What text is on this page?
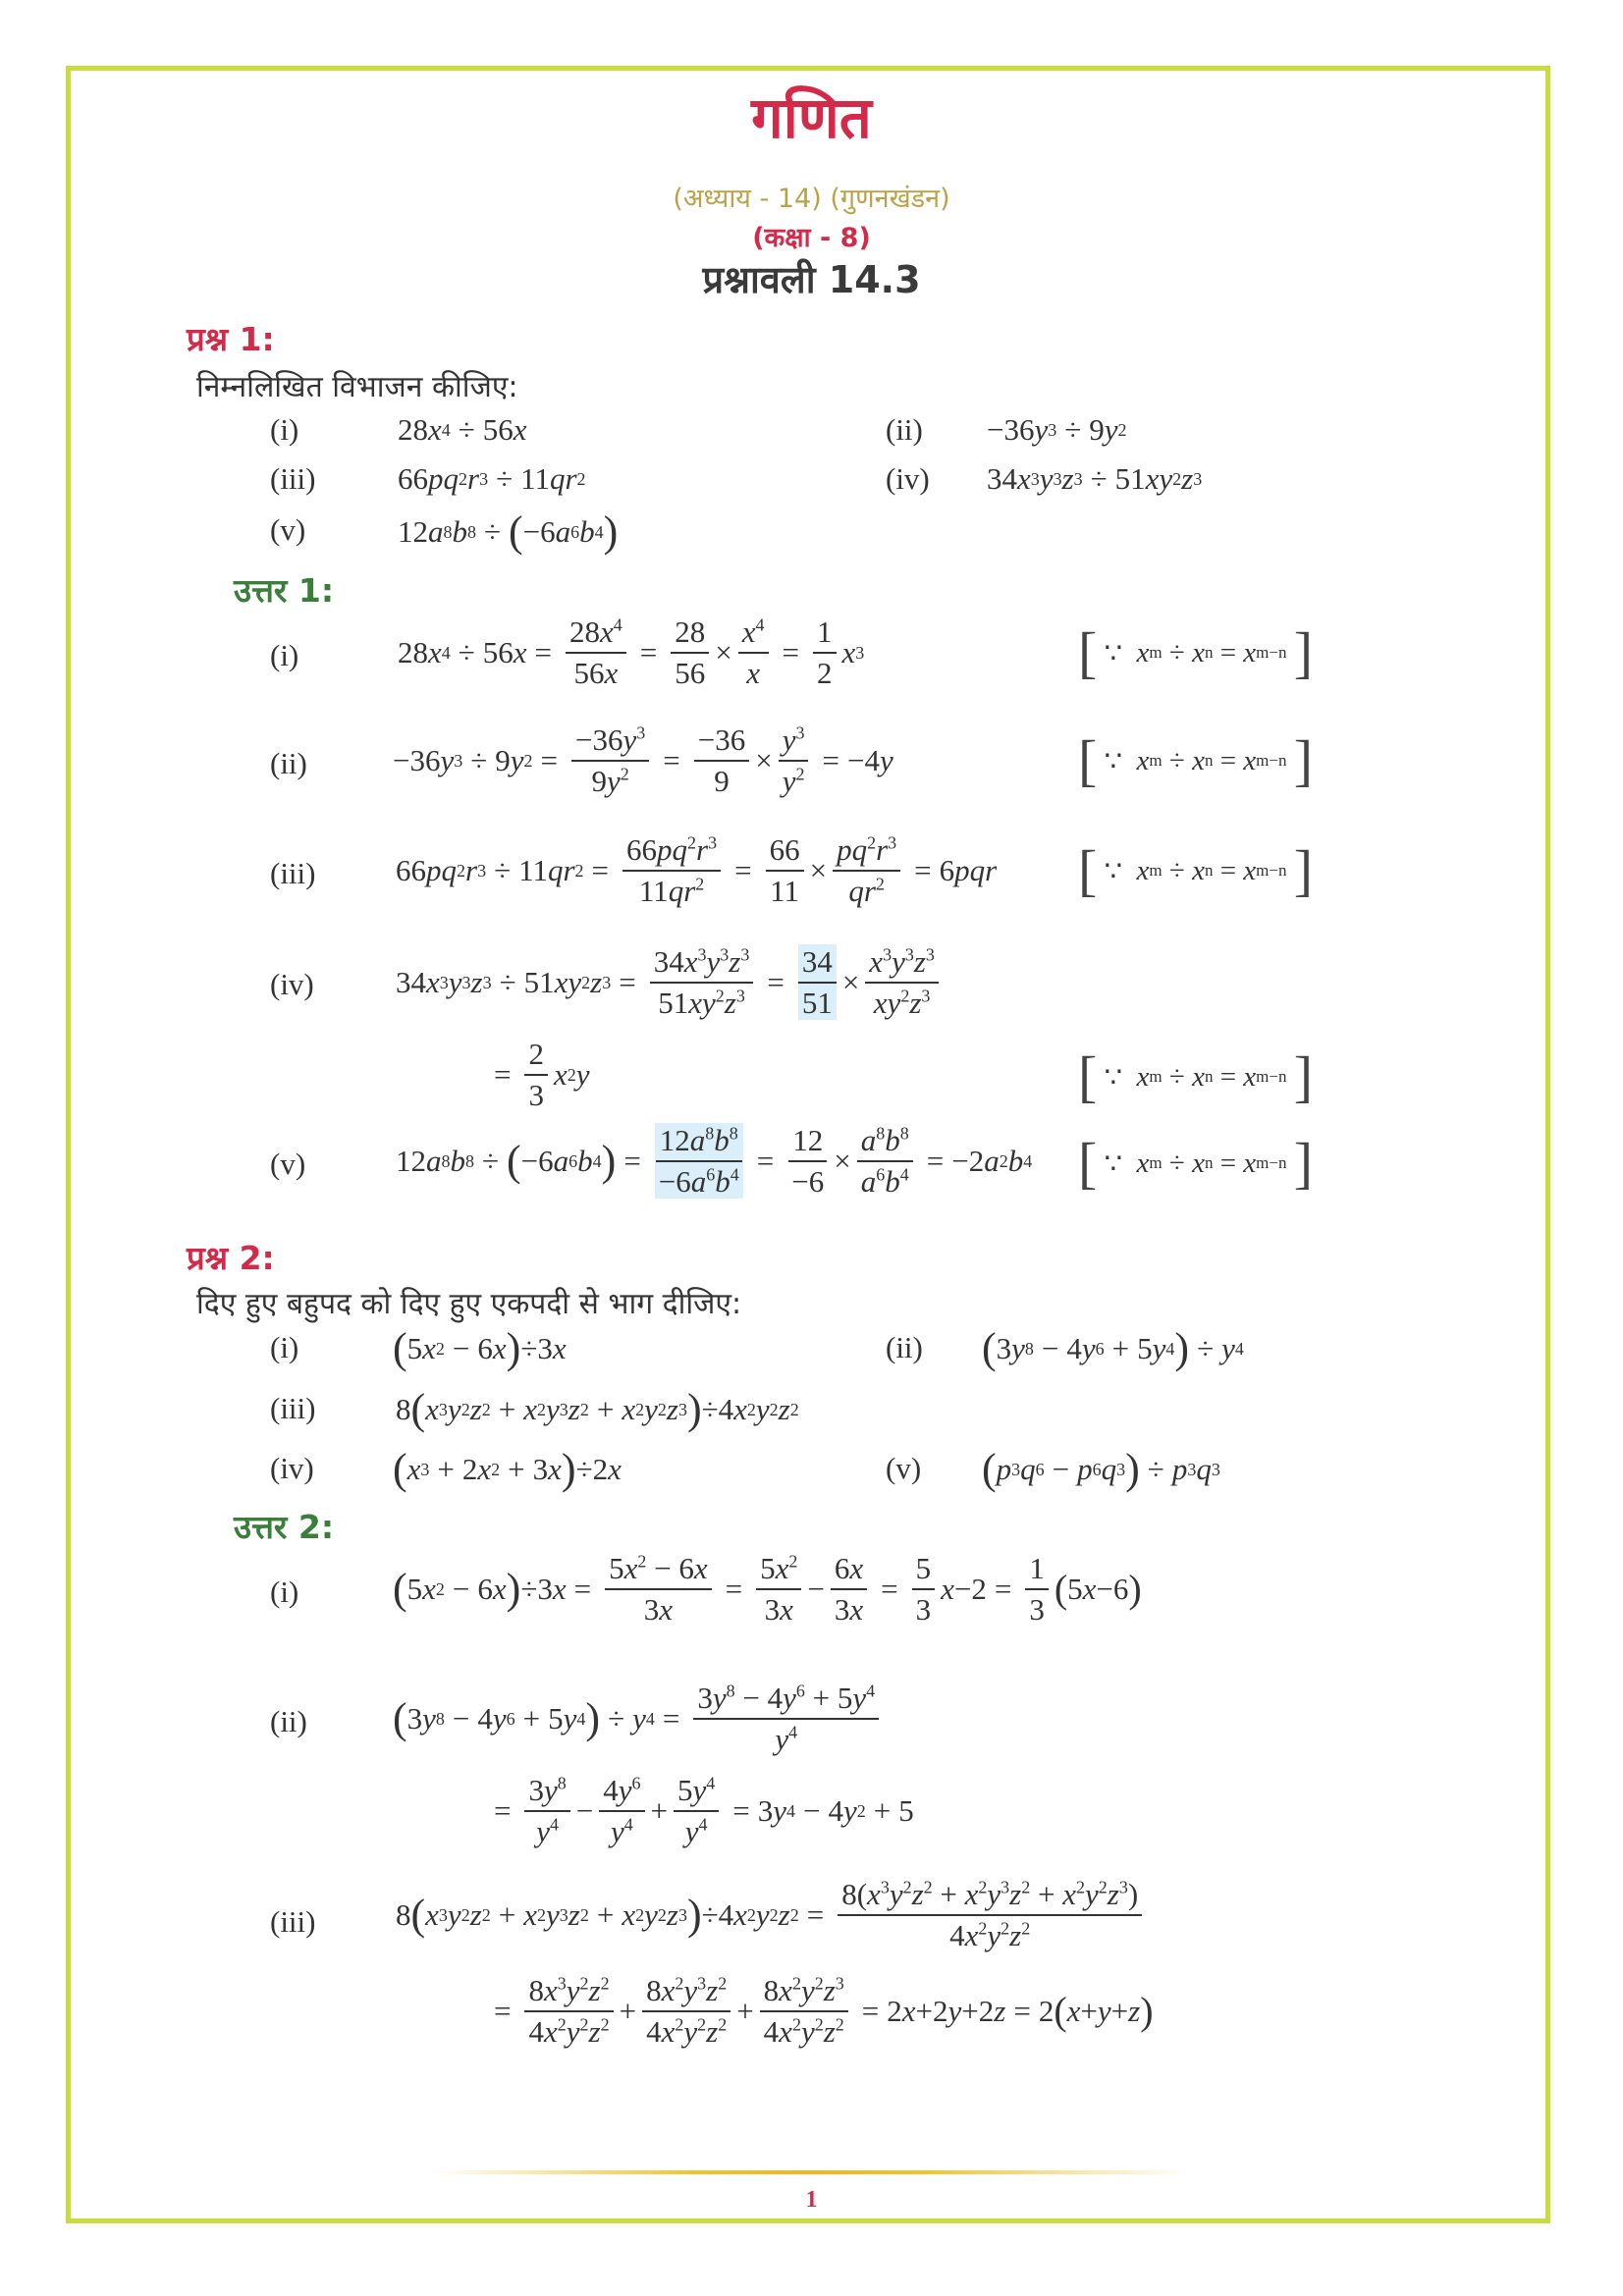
गणित
(अध्याय - 14) (गुणनखंडन)
(कक्षा - 8)
प्रश्नावली 14.3
प्रश्न 1:
निम्नलिखित विभाजन कीजिए:
(i)	28 x 4 ÷ 56 x	(ii) −36 y 3 ÷ 9 y 2
(iii)	66 pq 2 r 3 ÷ 11 qr 2	(iv) 34 x 3 y 3 z 3 ÷ 51 xy 2 z 3
(v)	12 a 8 b 8 ÷ ( −6 a 6 b 4 )
उत्तर 1:
(i)	28 x 4 ÷ 56 $x = \frac{28x^4}{56x} = \frac{28}{56} \times \frac{x^4}{x} = \frac{1}{2}$ x 3	[ ∵ x m ÷ x n = x m−n
]
(ii)	−36 y 3 ÷ 9 y $2 = \frac{-36y^3}{9y^2} = \frac{-36}{9} \times \frac{y^3}{y^2} = -4$ y	[ ∵ x m ÷ x n = x m−n
]
(iii)	66 pq 2 r 3 ÷ 11 qr $2 = \frac{66pq^2r^3}{11qr^2} = \frac{66}{11} \times \frac{pq^2r^3}{qr^2} = 6$ pqr [ ∵ x m ÷ x n = x m−n
]
(iv)	34 x 3 y 3 z 3 ÷ 51 xy 2 z $3 = \frac{34x^3y^3z^3}{51xy^2z^3} = \frac{34}{51} \times \frac{x^3y^3z^3}{xy^2z^3}$
= $\frac{2}{3}$ x 2 y	[ ∵ x m ÷ x n = x m−n
]
(v)	12 a 8 b 8 ÷ ( −6 a 6 b 4 ) = $\frac{12a^8b^8}{-6a^6b^4} = \frac{12}{-6} \times \frac{a^8b^8}{a^6b^4} = -2$ a 2 b 4 [ ∵ x m ÷ x n = x m−n
]
प्रश्न 2:
दिए हुए बहुपद को दिए हुए एकपदी से भाग दीजिए:
(i) ( 5 x 2 − 6 x ) ÷3 x	(ii) ( 3 y 8 − 4 y 6 + 5 y 4 ) ÷ y 4
(iii)	8 ( x 3 y 2 z 2 + x 2 y 3 z 2 + x 2 y 2 z 3 ) ÷4 x 2 y 2 z 2
(iv) ( x 3 + 2 x 2 + 3 x ) ÷2 x	(v) ( p 3 q 6 − p 6 q 3 ) ÷ p 3 q 3
उत्तर 2:
(i) ( 5 x 2 − 6 x ) ÷3 $x = \frac{5x^2 - 6x}{3x} = \frac{5x^2}{3x} - \frac{6x}{3x} = \frac{5}{3}$ $x -2 = \frac{1}{3}$ ( 5 x −6 )
(ii) ( 3 y 8 − 4 y 6 + 5 y 4 ) ÷ y $4 = \frac{3y^8 - 4y^6 + 5y^4}{y^4}$
= $\frac{3y^8}{y^4} - \frac{4y^6}{y^4} + \frac{5y^4}{y^4} = 3$ y 4 − 4 y 2 + 5
(iii)	8 ( x 3 y 2 z 2 + x 2 y 3 z 2 + x 2 y 2 z 3 ) ÷4 x 2 y 2 z $2 = \frac{8(x^3y^2z^2 + x^2y^3z^2 + x^2y^2z^3)}{4x^2y^2z^2}$
= $\frac{8x^3y^2z^2}{4x^2y^2z^2} + \frac{8x^2y^3z^2}{4x^2y^2z^2} + \frac{8x^2y^2z^3}{4x^2y^2z^2} = 2$ x +2 y +2 z = 2 ( x + y + z )
1
